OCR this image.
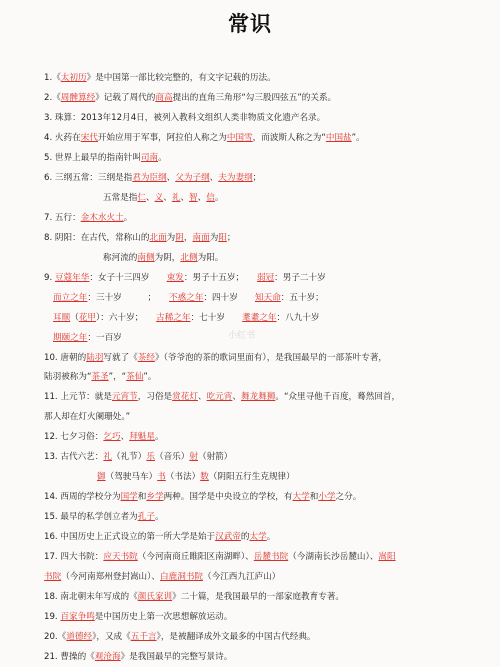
常识
1.《太初历》是中国第一部比较完整的，有文字记载的历法。
2.《周髀算经》记载了周代的商高提出的直角三角形“勾三股四弦五”的关系。
3. 珠算：2013年12月4日，被列入教科文组织人类非物质文化遗产名录。
4. 火药在宋代开始应用于军事，阿拉伯人称之为中国雪，而波斯人称之为“中国盐”。
5. 世界上最早的指南针叫司南。
6. 三纲五常：三纲是指君为臣纲、父为子纲、夫为妻纲；
五常是指仁、义、礼、智、信。
7. 五行：金木水火土。
8. 阴阳：在古代，常称山的北面为阴，南面为阳；
称河流的南侧为阴，北侧为阳。
9. 豆蔻年华：女子十三四岁　　束发：男子十五岁；　　弱冠：男子二十岁
而立之年：三十岁　　　；　　不惑之年：四十岁　　知天命：五十岁；
耳顺（花甲）：六十岁；　　古稀之年：七十岁　　耄耋之年：八九十岁
期颐之年：一百岁
10. 唐朝的陆羽写就了《茶经》（爷爷泡的茶的歌词里面有），是我国最早的一部茶叶专著，
陆羽被称为“茶圣”，“茶仙”。
11. 上元节：就是元宵节，习俗是赏花灯、吃元宵、舞龙舞狮。“众里寻他千百度，蓦然回首，
那人却在灯火阑珊处。”
12. 七夕习俗：乞巧、拜魁星。
13. 古代六艺：礼（礼节）乐（音乐）射（射箭）
御（驾驶马车）书（书法）数（阴阳五行生克规律）
14. 西周的学校分为国学和乡学两种。国学是中央设立的学校，有大学和小学之分。
15. 最早的私学创立者为孔子。
16. 中国历史上正式设立的第一所大学是始于汉武帝的太学。
17. 四大书院：应天书院（今河南商丘睢阳区南湖畔）、岳麓书院（今湖南长沙岳麓山）、嵩阳
书院（今河南郑州登封嵩山）、白鹿洞书院（今江西九江庐山）
18. 南北朝末年写成的《颜氏家训》二十篇，是我国最早的一部家庭教育专著。
19. 百家争鸣是中国历史上第一次思想解放运动。
20.《道德经》，又成《五千言》，是被翻译成外文最多的中国古代经典。
21. 曹操的《观沧海》是我国最早的完整写景诗。
小红书
